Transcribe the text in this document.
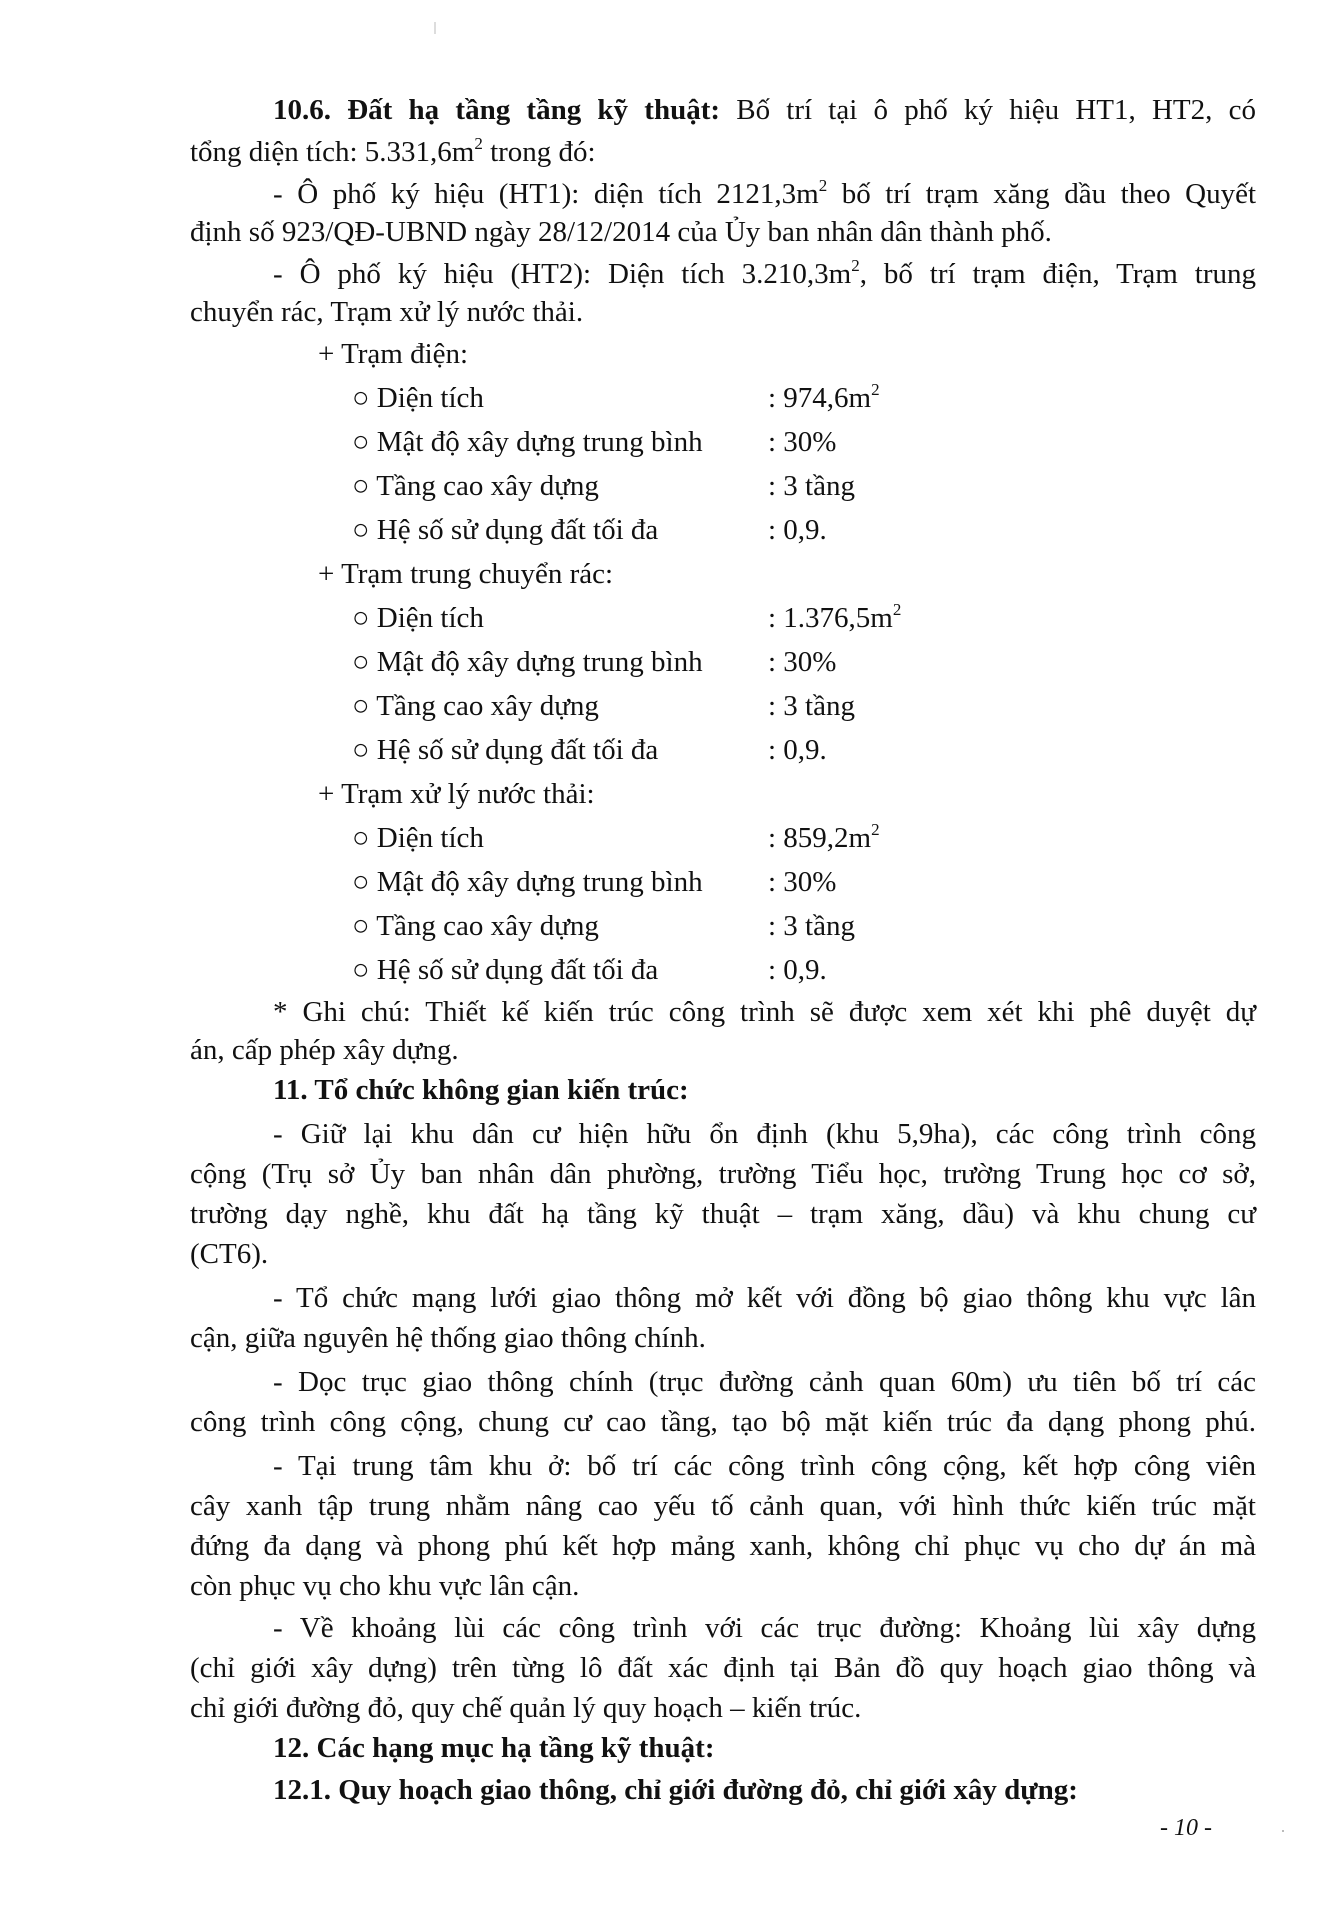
10.6. Đất hạ tầng tầng kỹ thuật: Bố trí tại ô phố ký hiệu HT1, HT2, có
tổng diện tích: $5.331,6m^2$ trong đó:
- Ô phố ký hiệu (HT1): diện tích $2121,3m^2$ bố trí trạm xăng dầu theo Quyết
định số 923/QĐ-UBND ngày 28/12/2014 của Ủy ban nhân dân thành phố.
- Ô phố ký hiệu (HT2): Diện tích $3.210,3m^2$, bố trí trạm điện, Trạm trung
chuyển rác, Trạm xử lý nước thải.
+ Trạm điện:
○ Diện tích	: $974,6m^2$
○ Mật độ xây dựng trung bình : 30%
○ Tầng cao xây dựng	: 3 tầng
○ Hệ số sử dụng đất tối đa	: 0,9.
+ Trạm trung chuyển rác:
○ Diện tích	: $1.376,5m^2$
○ Mật độ xây dựng trung bình : 30%
○ Tầng cao xây dựng	: 3 tầng
○ Hệ số sử dụng đất tối đa	: 0,9.
+ Trạm xử lý nước thải:
○ Diện tích	: $859,2m^2$
○ Mật độ xây dựng trung bình : 30%
○ Tầng cao xây dựng	: 3 tầng
○ Hệ số sử dụng đất tối đa	: 0,9.
* Ghi chú: Thiết kế kiến trúc công trình sẽ được xem xét khi phê duyệt dự
án, cấp phép xây dựng.
11. Tổ chức không gian kiến trúc:
- Giữ lại khu dân cư hiện hữu ổn định (khu 5,9ha), các công trình công
cộng (Trụ sở Ủy ban nhân dân phường, trường Tiểu học, trường Trung học cơ sở,
trường dạy nghề, khu đất hạ tầng kỹ thuật – trạm xăng, dầu) và khu chung cư
(CT6).
- Tổ chức mạng lưới giao thông mở kết với đồng bộ giao thông khu vực lân
cận, giữa nguyên hệ thống giao thông chính.
- Dọc trục giao thông chính (trục đường cảnh quan 60m) ưu tiên bố trí các
công trình công cộng, chung cư cao tầng, tạo bộ mặt kiến trúc đa dạng phong phú.
- Tại trung tâm khu ở: bố trí các công trình công cộng, kết hợp công viên
cây xanh tập trung nhằm nâng cao yếu tố cảnh quan, với hình thức kiến trúc mặt
đứng đa dạng và phong phú kết hợp mảng xanh, không chỉ phục vụ cho dự án mà
còn phục vụ cho khu vực lân cận.
- Về khoảng lùi các công trình với các trục đường: Khoảng lùi xây dựng
(chỉ giới xây dựng) trên từng lô đất xác định tại Bản đồ quy hoạch giao thông và
chỉ giới đường đỏ, quy chế quản lý quy hoạch – kiến trúc.
12. Các hạng mục hạ tầng kỹ thuật:
12.1. Quy hoạch giao thông, chỉ giới đường đỏ, chỉ giới xây dựng:
- 10 -
